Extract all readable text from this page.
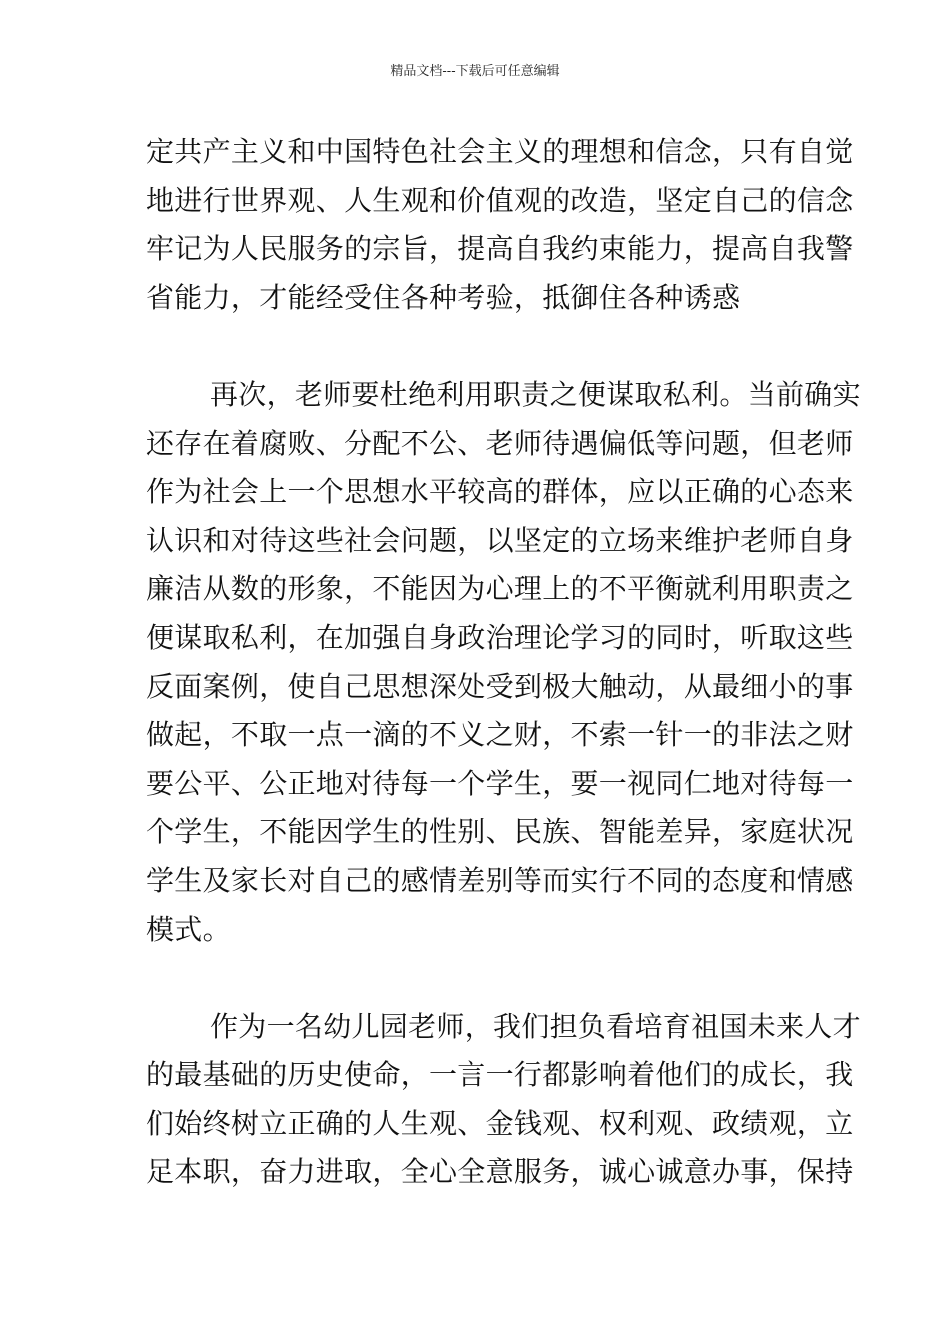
精品文档---下载后可任意编辑
定共产主义和中国特色社会主义的理想和信念，只有自觉
地进行世界观、人生观和价值观的改造，坚定自己的信念
牢记为人民服务的宗旨，提高自我约束能力，提高自我警
省能力，才能经受住各种考验，抵御住各种诱惑
再次，老师要杜绝利用职责之便谋取私利。当前确实
还存在着腐败、分配不公、老师待遇偏低等问题，但老师
作为社会上一个思想水平较高的群体，应以正确的心态来
认识和对待这些社会问题，以坚定的立场来维护老师自身
廉洁从数的形象，不能因为心理上的不平衡就利用职责之
便谋取私利，在加强自身政治理论学习的同时，听取这些
反面案例，使自己思想深处受到极大触动，从最细小的事
做起，不取一点一滴的不义之财，不索一针一的非法之财
要公平、公正地对待每一个学生，要一视同仁地对待每一
个学生，不能因学生的性别、民族、智能差异，家庭状况
学生及家长对自己的感情差别等而实行不同的态度和情感
模式。
作为一名幼儿园老师，我们担负看培育祖国未来人才
的最基础的历史使命，一言一行都影响着他们的成长，我
们始终树立正确的人生观、金钱观、权利观、政绩观，立
足本职，奋力进取，全心全意服务，诚心诚意办事，保持
